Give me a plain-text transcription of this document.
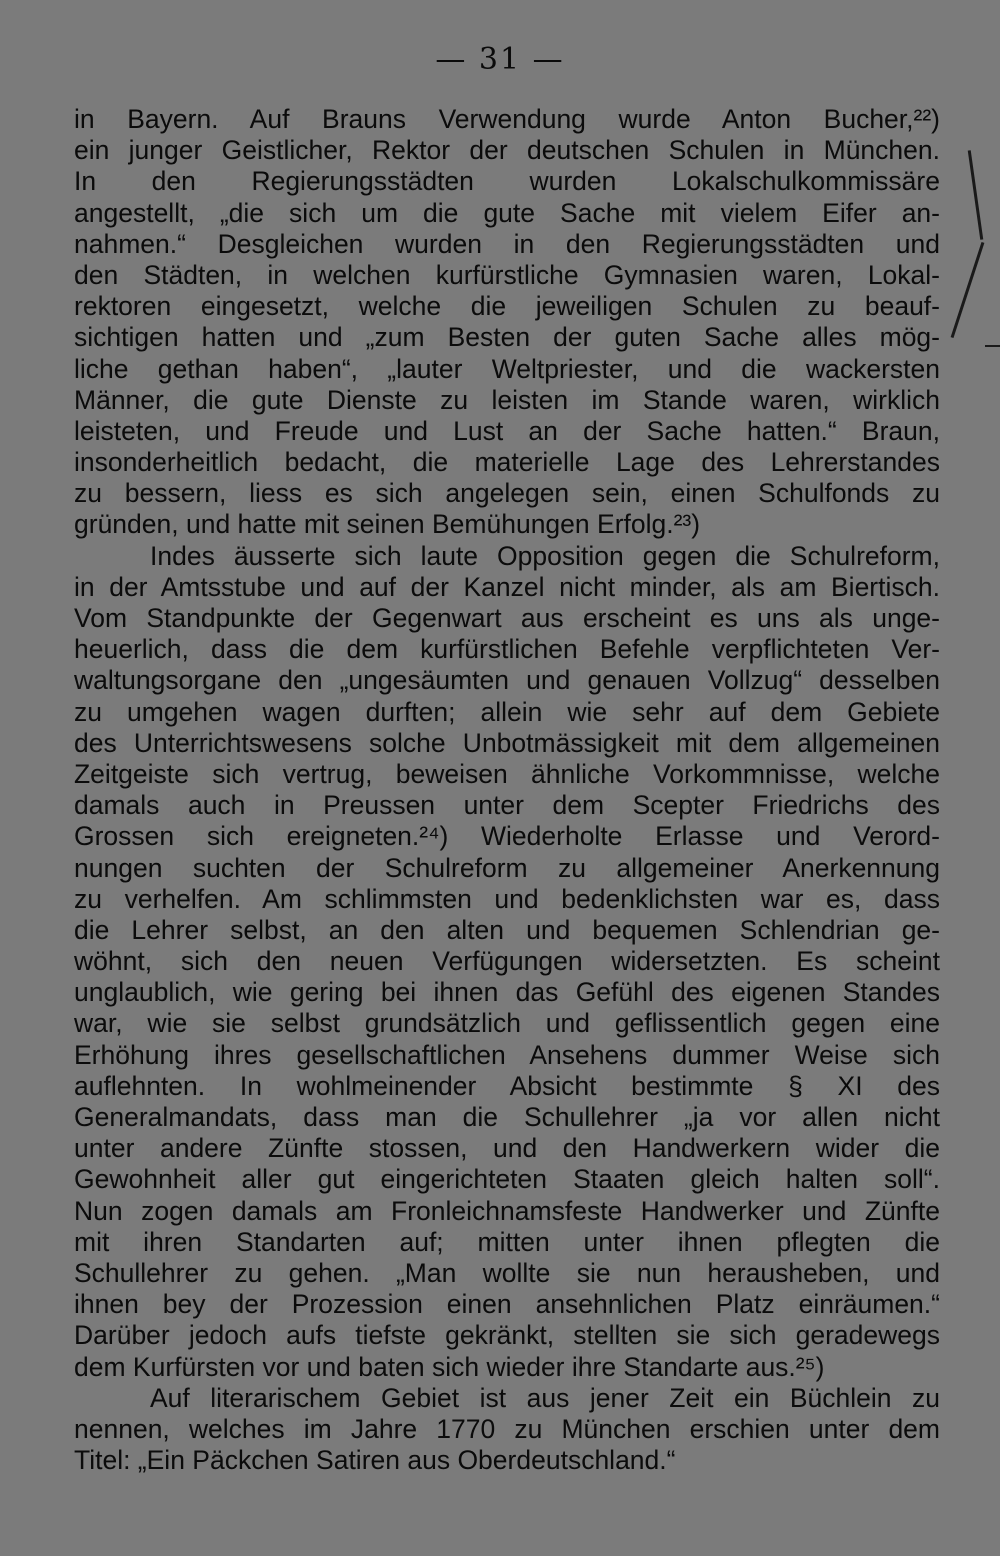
— 31 —
in Bayern. Auf Brauns Verwendung wurde Anton Bucher,²²)
ein junger Geistlicher, Rektor der deutschen Schulen in München.
In den Regierungsstädten wurden Lokalschulkommissäre
angestellt, „die sich um die gute Sache mit vielem Eifer an-
nahmen.“ Desgleichen wurden in den Regierungsstädten und
den Städten, in welchen kurfürstliche Gymnasien waren, Lokal-
rektoren eingesetzt, welche die jeweiligen Schulen zu beauf-
sichtigen hatten und „zum Besten der guten Sache alles mög-
liche gethan haben“, „lauter Weltpriester, und die wackersten
Männer, die gute Dienste zu leisten im Stande waren, wirklich
leisteten, und Freude und Lust an der Sache hatten.“ Braun,
insonderheitlich bedacht, die materielle Lage des Lehrerstandes
zu bessern, liess es sich angelegen sein, einen Schulfonds zu
gründen, und hatte mit seinen Bemühungen Erfolg.²³)
Indes äusserte sich laute Opposition gegen die Schulreform,
in der Amtsstube und auf der Kanzel nicht minder, als am Biertisch.
Vom Standpunkte der Gegenwart aus erscheint es uns als unge-
heuerlich, dass die dem kurfürstlichen Befehle verpflichteten Ver-
waltungsorgane den „ungesäumten und genauen Vollzug“ desselben
zu umgehen wagen durften; allein wie sehr auf dem Gebiete
des Unterrichtswesens solche Unbotmässigkeit mit dem allgemeinen
Zeitgeiste sich vertrug, beweisen ähnliche Vorkommnisse, welche
damals auch in Preussen unter dem Scepter Friedrichs des
Grossen sich ereigneten.²⁴) Wiederholte Erlasse und Verord-
nungen suchten der Schulreform zu allgemeiner Anerkennung
zu verhelfen. Am schlimmsten und bedenklichsten war es, dass
die Lehrer selbst, an den alten und bequemen Schlendrian ge-
wöhnt, sich den neuen Verfügungen widersetzten. Es scheint
unglaublich, wie gering bei ihnen das Gefühl des eigenen Standes
war, wie sie selbst grundsätzlich und geflissentlich gegen eine
Erhöhung ihres gesellschaftlichen Ansehens dummer Weise sich
auflehnten. In wohlmeinender Absicht bestimmte § XI des
Generalmandats, dass man die Schullehrer „ja vor allen nicht
unter andere Zünfte stossen, und den Handwerkern wider die
Gewohnheit aller gut eingerichteten Staaten gleich halten soll“.
Nun zogen damals am Fronleichnamsfeste Handwerker und Zünfte
mit ihren Standarten auf; mitten unter ihnen pflegten die
Schullehrer zu gehen. „Man wollte sie nun herausheben, und
ihnen bey der Prozession einen ansehnlichen Platz einräumen.“
Darüber jedoch aufs tiefste gekränkt, stellten sie sich geradewegs
dem Kurfürsten vor und baten sich wieder ihre Standarte aus.²⁵)
Auf literarischem Gebiet ist aus jener Zeit ein Büchlein zu
nennen, welches im Jahre 1770 zu München erschien unter dem
Titel: „Ein Päckchen Satiren aus Oberdeutschland.“
